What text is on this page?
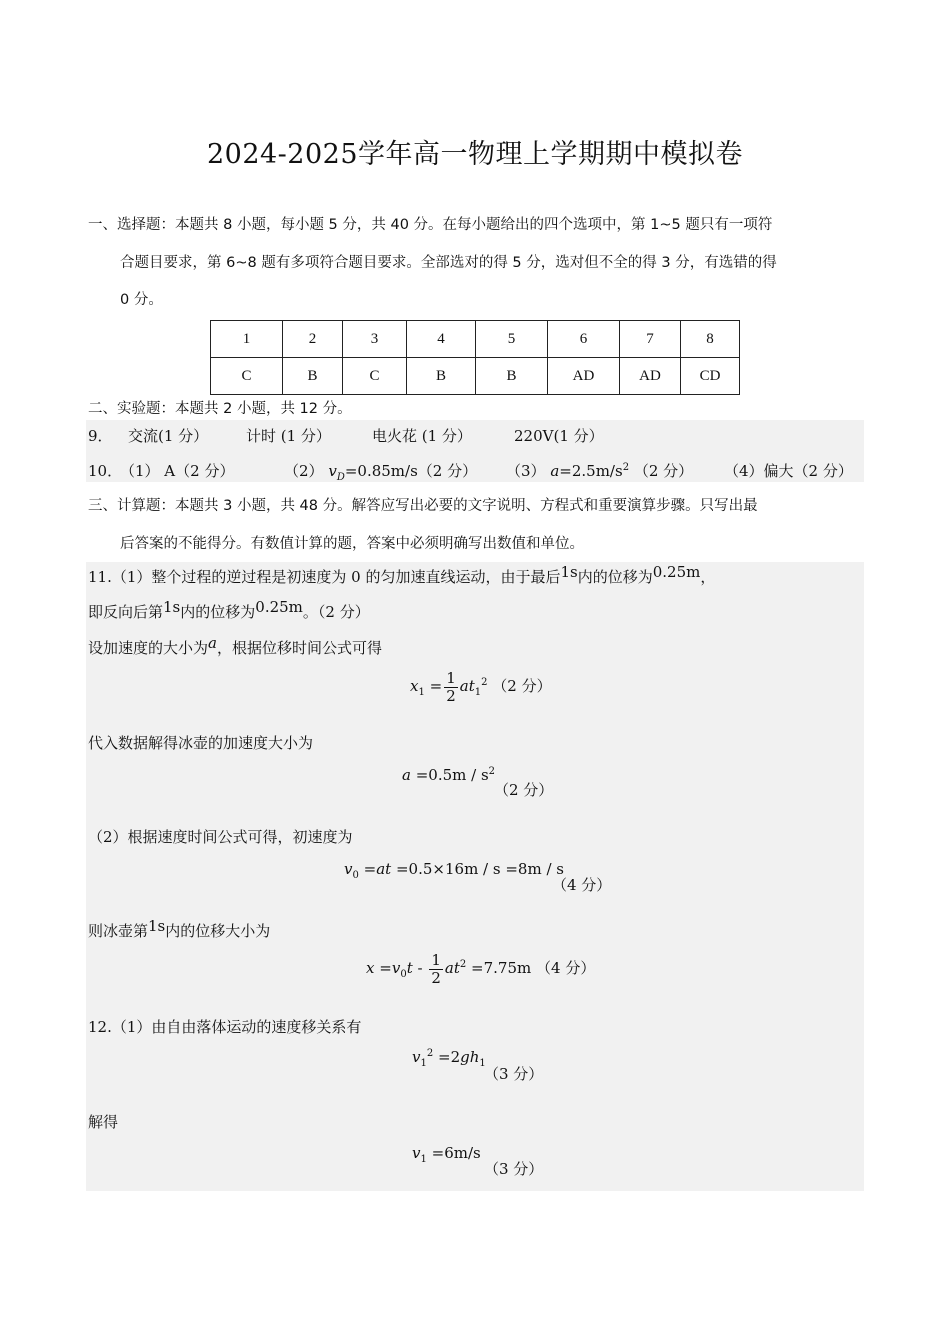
2024-2025学年高一物理上学期期中模拟卷
一、选择题：本题共 8 小题，每小题 5 分，共 40 分。在每小题给出的四个选项中，第 1~5 题只有一项符
合题目要求，第 6~8 题有多项符合题目要求。全部选对的得 5 分，选对但不全的得 3 分，有选错的得
0 分。
1	2	3	4	5	6	7	8
C	B	C	B	B	AD	AD	CD
二、实验题：本题共 2 小题，共 12 分。
9． 交流(1 分）	计时 (1 分）	电火花 (1 分）	220V(1 分）
10．
（1） A（2 分）	（2） $v_D=0.85m/s(2$ 分） （3） $a=2.5m/s^2$ （2 分） （4）偏大（2 分）
三、计算题：本题共 3 小题，共 48 分。解答应写出必要的文字说明、方程式和重要演算步骤。只写出最
后答案的不能得分。有数值计算的题，答案中必须明确写出数值和单位。
11.（1）整个过程的逆过程是初速度为 0 的匀加速直线运动，由于最后1s内的位移为0.25m，
即反向后第1s内的位移为0.25m。（2 分）
设加速度的大小为a，根据位移时间公式可得
$x_1 = \frac{1}{2} at_1^2$ （2 分）
代入数据解得冰壶的加速度大小为
$a =0.5m / s^2$
（2 分）
（2）根据速度时间公式可得，初速度为
$v_0 =at =0.5\times 16m / s =8m / s$
（4 分）
则冰壶第1s内的位移大小为
$x =v_0t - \frac{1}{2} at^2 =7.75m$ （4 分）
12.（1）由自由落体运动的速度移关系有
$v_1^2 =2gh_1$
（3 分）
解得
$v_1 =6m/s$
（3 分）
